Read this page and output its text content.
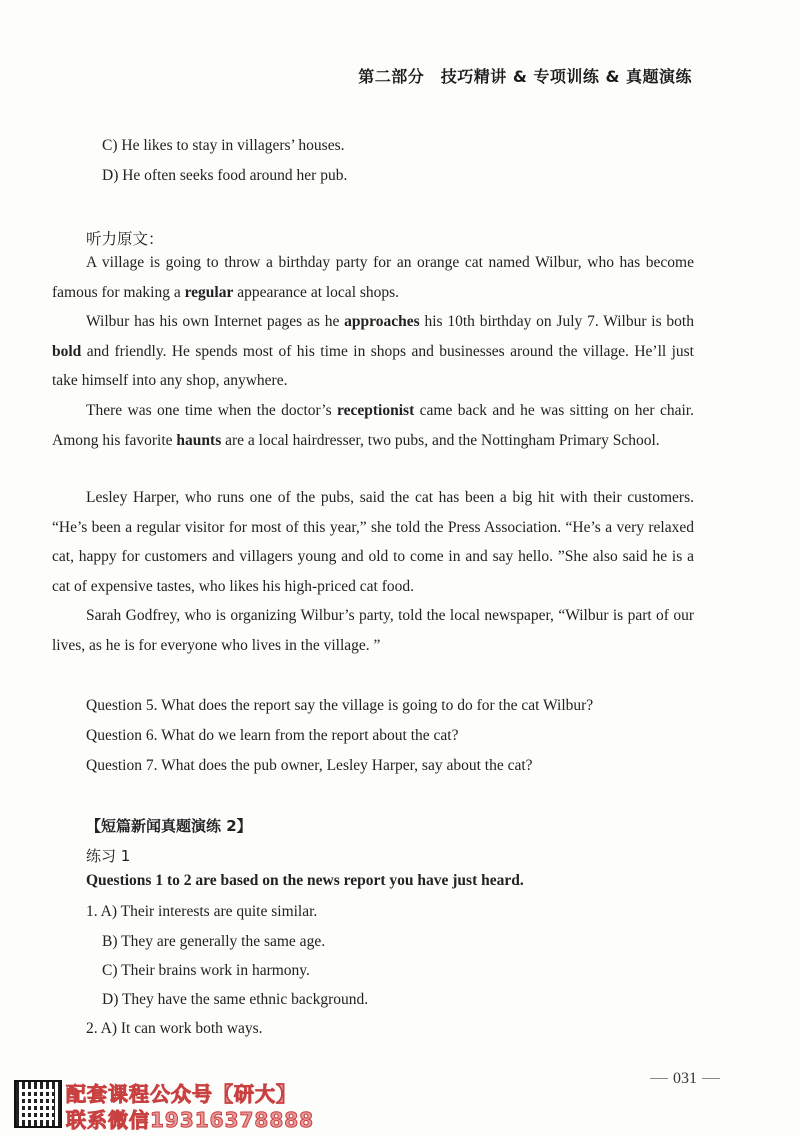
第二部分　技巧精讲 & 专项训练 & 真题演练
C) He likes to stay in villagers’ houses.
D) He often seeks food around her pub.
听力原文：
A village is going to throw a birthday party for an orange cat named Wilbur, who has become famous for making a regular appearance at local shops.
Wilbur has his own Internet pages as he approaches his 10th birthday on July 7. Wilbur is both bold and friendly. He spends most of his time in shops and businesses around the village. He’ll just take himself into any shop, anywhere.
There was one time when the doctor’s receptionist came back and he was sitting on her chair. Among his favorite haunts are a local hairdresser, two pubs, and the Nottingham Primary School.
Lesley Harper, who runs one of the pubs, said the cat has been a big hit with their customers. “He’s been a regular visitor for most of this year,” she told the Press Association. “He’s a very relaxed cat, happy for customers and villagers young and old to come in and say hello. ”She also said he is a cat of expensive tastes, who likes his high-priced cat food.
Sarah Godfrey, who is organizing Wilbur’s party, told the local newspaper, “Wilbur is part of our lives, as he is for everyone who lives in the village. ”
Question 5. What does the report say the village is going to do for the cat Wilbur?
Question 6. What do we learn from the report about the cat?
Question 7. What does the pub owner, Lesley Harper, say about the cat?
【短篇新闻真题演练 2】
练习 1
Questions 1 to 2 are based on the news report you have just heard.
1. A) Their interests are quite similar.
B) They are generally the same age.
C) Their brains work in harmony.
D) They have the same ethnic background.
2. A) It can work both ways.
031
配套课程公众号【研大】
联系微信19316378888
